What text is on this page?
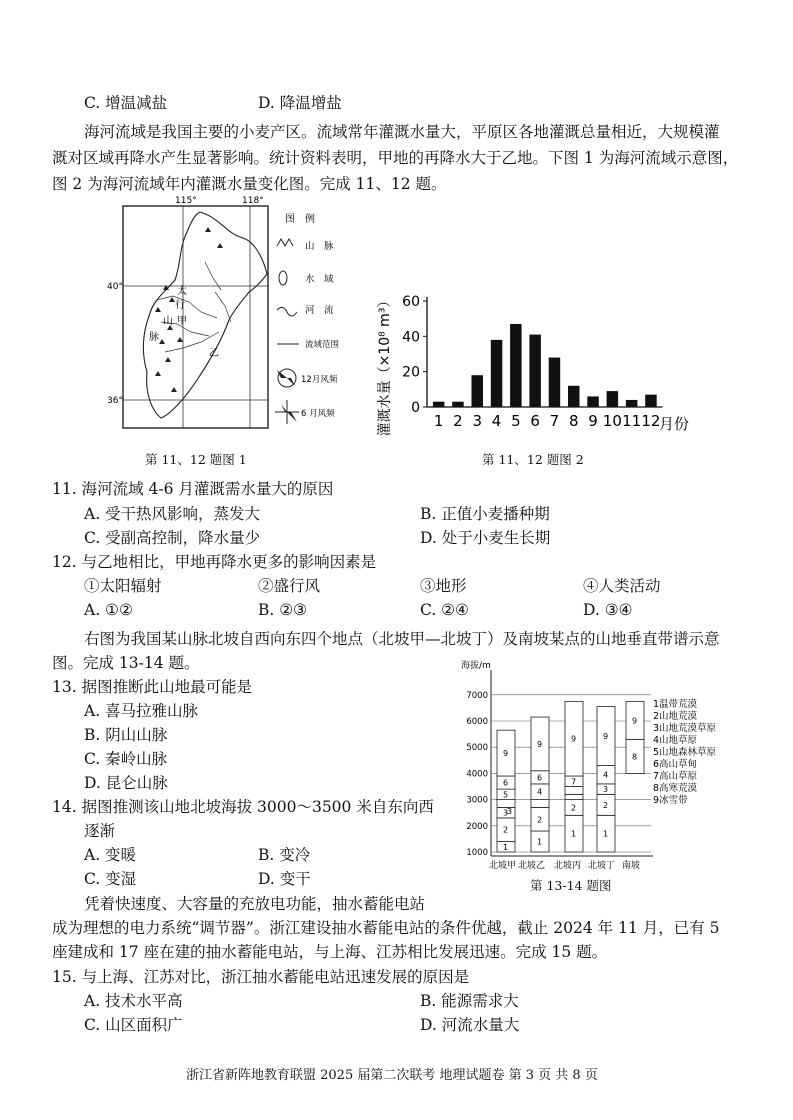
C. 增温减盐	D. 降温增盐
海河流域是我国主要的小麦产区。流域常年灌溉水量大，平原区各地灌溉总量相近，大规模灌
溉对区域再降水产生显著影响。统计资料表明，甲地的再降水大于乙地。下图 1 为海河流域示意图，
图 2 为海河流域年内灌溉水量变化图。完成 11、12 题。
115°	118°
40°
36°
太
行
山
脉
甲
乙
图　例
山　脉
水　域
河　流
流域范围
12月风频
6 月风频
第 11、12 题图 1
灌溉水量（×10⁸ m³）	月份
0
20
40
60
1 2 3 4 5 6 7 8 9 10 11 12
第 11、12 题图 2
11. 海河流域 4-6 月灌溉需水量大的原因
A. 受干热风影响，蒸发大	B. 正值小麦播种期
C. 受副高控制，降水量少	D. 处于小麦生长期
12. 与乙地相比，甲地再降水更多的影响因素是
①太阳辐射	②盛行风	③地形	④人类活动
A. ①②	B. ②③	C. ②④	D. ③④
右图为我国某山脉北坡自西向东四个地点（北坡甲—北坡丁）及南坡某点的山地垂直带谱示意
图。完成 13-14 题。
13. 据图推断此山地最可能是
A. 喜马拉雅山脉
B. 阴山山脉
C. 秦岭山脉
D. 昆仑山脉
14. 据图推测该山地北坡海拔 3000～3500 米自东向西
逐渐
A. 变暖	B. 变冷
C. 变湿	D. 变干
海拔/m
1000
2000
3000
4000
5000
6000
7000
1
2
3
5
6
9
1
2
4
6
9
1
2
7
9
1
2
3
4
9
8
9
1温带荒漠
2山地荒漠
3山地荒漠草原
4山地草原
5山地森林草原
6高山草甸
7高山草原
8高寒荒漠
9冰雪带
北坡甲 北坡乙 北坡丙 北坡丁 南坡
3
第 13-14 题图
凭着快速度、大容量的充放电功能，抽水蓄能电站
成为理想的电力系统“调节器”。浙江建设抽水蓄能电站的条件优越，截止 2024 年 11 月，已有 5
座建成和 17 座在建的抽水蓄能电站，与上海、江苏相比发展迅速。完成 15 题。
15. 与上海、江苏对比，浙江抽水蓄能电站迅速发展的原因是
A. 技术水平高	B. 能源需求大
C. 山区面积广	D. 河流水量大
浙江省新阵地教育联盟 2025 届第二次联考 地理试题卷 第 3 页 共 8 页
